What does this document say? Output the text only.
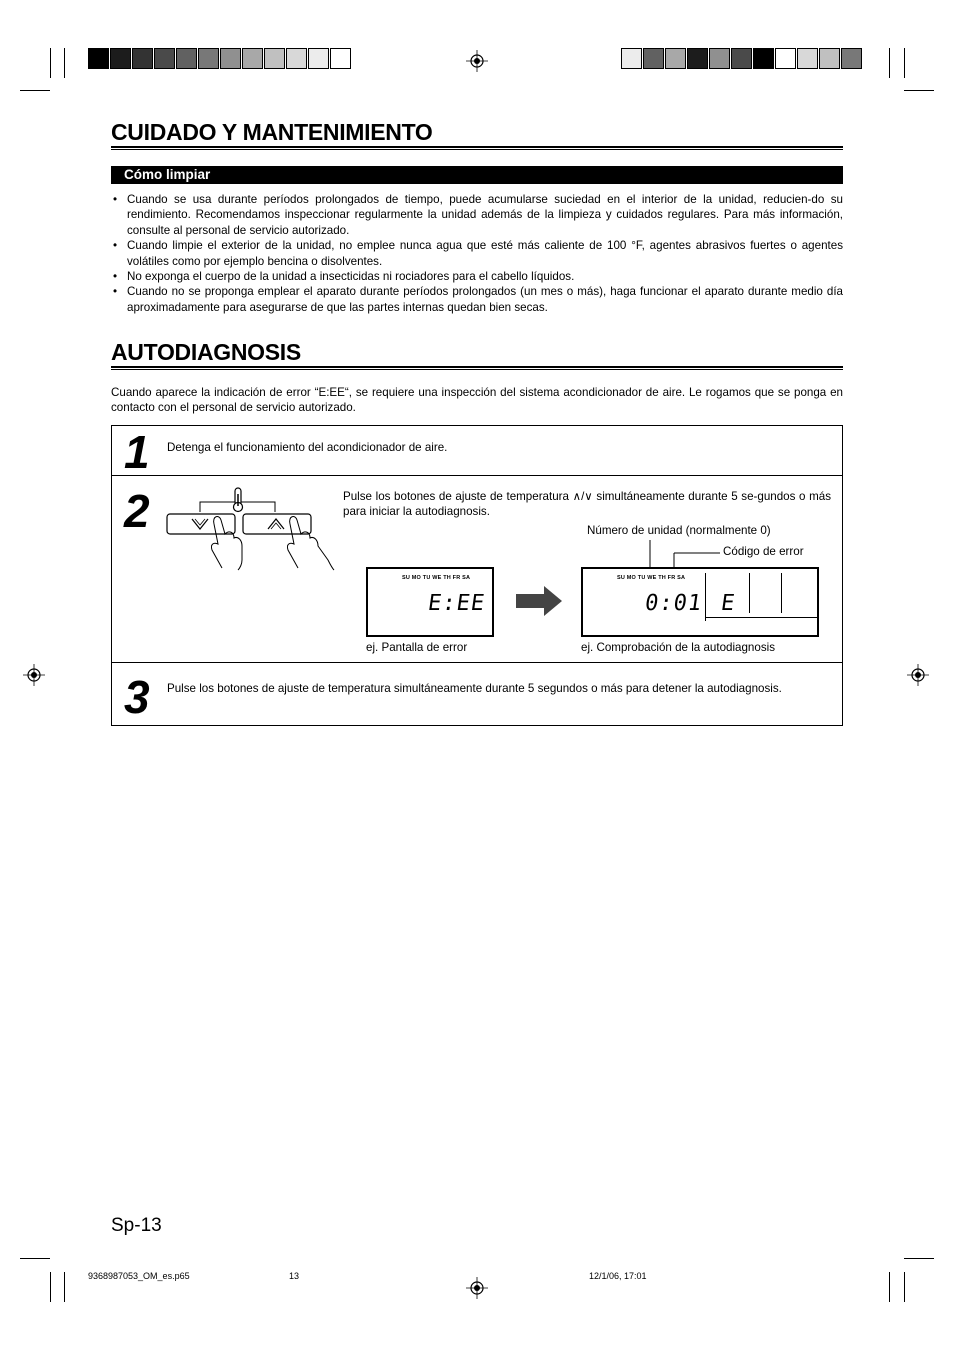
CUIDADO Y MANTENIMIENTO
Cómo limpiar
• Cuando se usa durante períodos prolongados de tiempo, puede acumularse suciedad en el interior de la unidad, reducien-do su rendimiento. Recomendamos inspeccionar regularmente la unidad además de la limpieza y cuidados regulares. Para más información, consulte al personal de servicio autorizado.
• Cuando limpie el exterior de la unidad, no emplee nunca agua que esté más caliente de 100 °F, agentes abrasivos fuertes o agentes volátiles como por ejemplo bencina o disolventes.
• No exponga el cuerpo de la unidad a insecticidas ni rociadores para el cabello líquidos.
• Cuando no se proponga emplear el aparato durante períodos prolongados (un mes o más), haga funcionar el aparato durante medio día aproximadamente para asegurarse de que las partes internas quedan bien secas.
AUTODIAGNOSIS
Cuando aparece la indicación de error “E:EE“, se requiere una inspección del sistema acondicionador de aire. Le rogamos que se ponga en contacto con el personal de servicio autorizado.
1 Detenga el funcionamiento del acondicionador de aire.
2	Pulse los botones de ajuste de temperatura ∧/∨ simultáneamente durante 5 se-gundos o más para iniciar la autodiagnosis.
Número de unidad (normalmente 0)
Código de error
SU MO TU WE TH FR SA
E:EE
SU MO TU WE TH FR SA
0:01 E
ej. Pantalla de error	ej. Comprobación de la autodiagnosis
3 Pulse los botones de ajuste de temperatura simultáneamente durante 5 segundos o más para detener la autodiagnosis.
Sp-13
9368987053_OM_es.p65	13	12/1/06, 17:01
